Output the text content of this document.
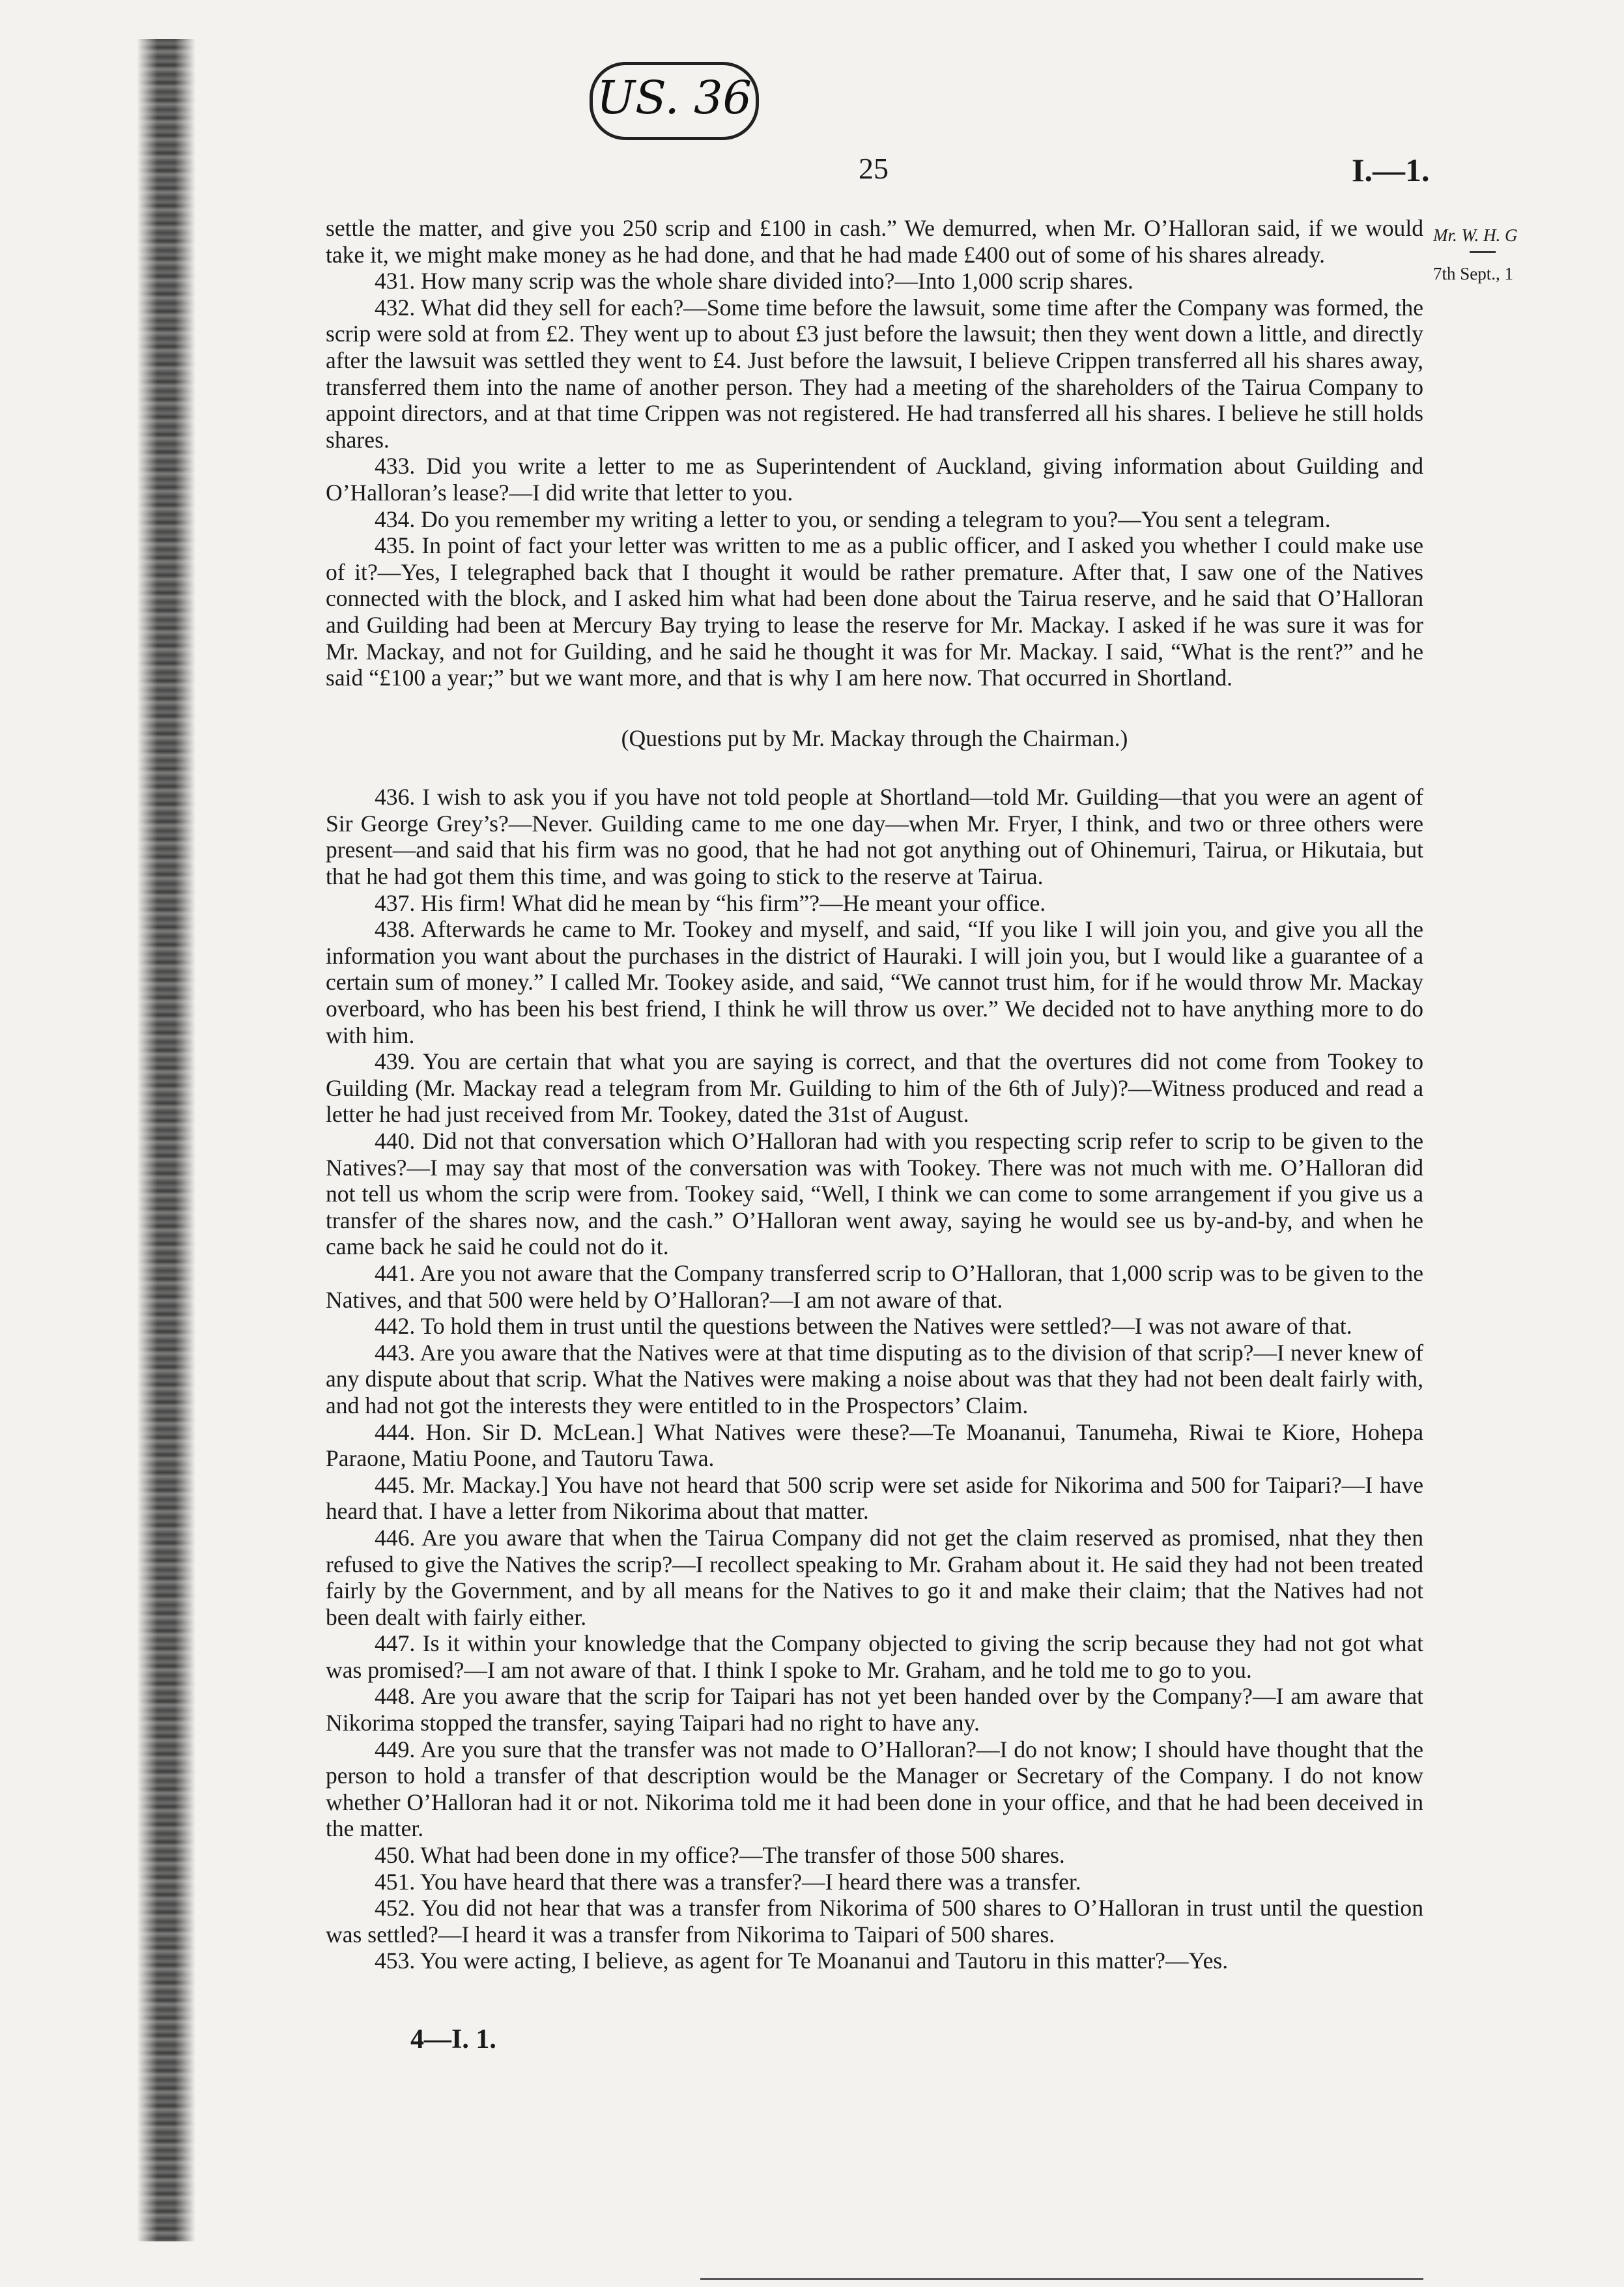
US. 36
25	I.—1.
Mr. W. H. G
7th Sept., 1

settle the matter, and give you 250 scrip and £100 in cash.” We demurred, when Mr. O’Halloran said, if we would take it, we might make money as he had done, and that he had made £400 out of some of his shares already.

431. How many scrip was the whole share divided into?—Into 1,000 scrip shares.

432. What did they sell for each?—Some time before the lawsuit, some time after the Company was formed, the scrip were sold at from £2. They went up to about £3 just before the lawsuit; then they went down a little, and directly after the lawsuit was settled they went to £4. Just before the lawsuit, I believe Crippen transferred all his shares away, transferred them into the name of another person. They had a meeting of the shareholders of the Tairua Company to appoint directors, and at that time Crippen was not registered. He had transferred all his shares. I believe he still holds shares.

433. Did you write a letter to me as Superintendent of Auckland, giving information about Guilding and O’Halloran’s lease?—I did write that letter to you.

434. Do you remember my writing a letter to you, or sending a telegram to you?—You sent a telegram.

435. In point of fact your letter was written to me as a public officer, and I asked you whether I could make use of it?—Yes, I telegraphed back that I thought it would be rather premature. After that, I saw one of the Natives connected with the block, and I asked him what had been done about the Tairua reserve, and he said that O’Halloran and Guilding had been at Mercury Bay trying to lease the reserve for Mr. Mackay. I asked if he was sure it was for Mr. Mackay, and not for Guilding, and he said he thought it was for Mr. Mackay. I said, “What is the rent?” and he said “£100 a year;” but we want more, and that is why I am here now. That occurred in Shortland.

(Questions put by Mr. Mackay through the Chairman.)

436. I wish to ask you if you have not told people at Shortland—told Mr. Guilding—that you were an agent of Sir George Grey’s?—Never. Guilding came to me one day—when Mr. Fryer, I think, and two or three others were present—and said that his firm was no good, that he had not got anything out of Ohinemuri, Tairua, or Hikutaia, but that he had got them this time, and was going to stick to the reserve at Tairua.

437. His firm! What did he mean by “his firm”?—He meant your office.

438. Afterwards he came to Mr. Tookey and myself, and said, “If you like I will join you, and give you all the information you want about the purchases in the district of Hauraki. I will join you, but I would like a guarantee of a certain sum of money.” I called Mr. Tookey aside, and said, “We cannot trust him, for if he would throw Mr. Mackay overboard, who has been his best friend, I think he will throw us over.” We decided not to have anything more to do with him.

439. You are certain that what you are saying is correct, and that the overtures did not come from Tookey to Guilding (Mr. Mackay read a telegram from Mr. Guilding to him of the 6th of July)?—Witness produced and read a letter he had just received from Mr. Tookey, dated the 31st of August.

440. Did not that conversation which O’Halloran had with you respecting scrip refer to scrip to be given to the Natives?—I may say that most of the conversation was with Tookey. There was not much with me. O’Halloran did not tell us whom the scrip were from. Tookey said, “Well, I think we can come to some arrangement if you give us a transfer of the shares now, and the cash.” O’Halloran went away, saying he would see us by-and-by, and when he came back he said he could not do it.

441. Are you not aware that the Company transferred scrip to O’Halloran, that 1,000 scrip was to be given to the Natives, and that 500 were held by O’Halloran?—I am not aware of that.

442. To hold them in trust until the questions between the Natives were settled?—I was not aware of that.

443. Are you aware that the Natives were at that time disputing as to the division of that scrip?—I never knew of any dispute about that scrip. What the Natives were making a noise about was that they had not been dealt fairly with, and had not got the interests they were entitled to in the Prospectors’ Claim.

444. Hon. Sir D. McLean.] What Natives were these?—Te Moananui, Tanumeha, Riwai te Kiore, Hohepa Paraone, Matiu Poone, and Tautoru Tawa.

445. Mr. Mackay.] You have not heard that 500 scrip were set aside for Nikorima and 500 for Taipari?—I have heard that. I have a letter from Nikorima about that matter.

446. Are you aware that when the Tairua Company did not get the claim reserved as promised, nhat they then refused to give the Natives the scrip?—I recollect speaking to Mr. Graham about it. He said they had not been treated fairly by the Government, and by all means for the Natives to go it and make their claim; that the Natives had not been dealt with fairly either.

447. Is it within your knowledge that the Company objected to giving the scrip because they had not got what was promised?—I am not aware of that. I think I spoke to Mr. Graham, and he told me to go to you.

448. Are you aware that the scrip for Taipari has not yet been handed over by the Company?—I am aware that Nikorima stopped the transfer, saying Taipari had no right to have any.

449. Are you sure that the transfer was not made to O’Halloran?—I do not know; I should have thought that the person to hold a transfer of that description would be the Manager or Secretary of the Company. I do not know whether O’Halloran had it or not. Nikorima told me it had been done in your office, and that he had been deceived in the matter.

450. What had been done in my office?—The transfer of those 500 shares.

451. You have heard that there was a transfer?—I heard there was a transfer.

452. You did not hear that was a transfer from Nikorima of 500 shares to O’Halloran in trust until the question was settled?—I heard it was a transfer from Nikorima to Taipari of 500 shares.

453. You were acting, I believe, as agent for Te Moananui and Tautoru in this matter?—Yes.

4—I. 1.
